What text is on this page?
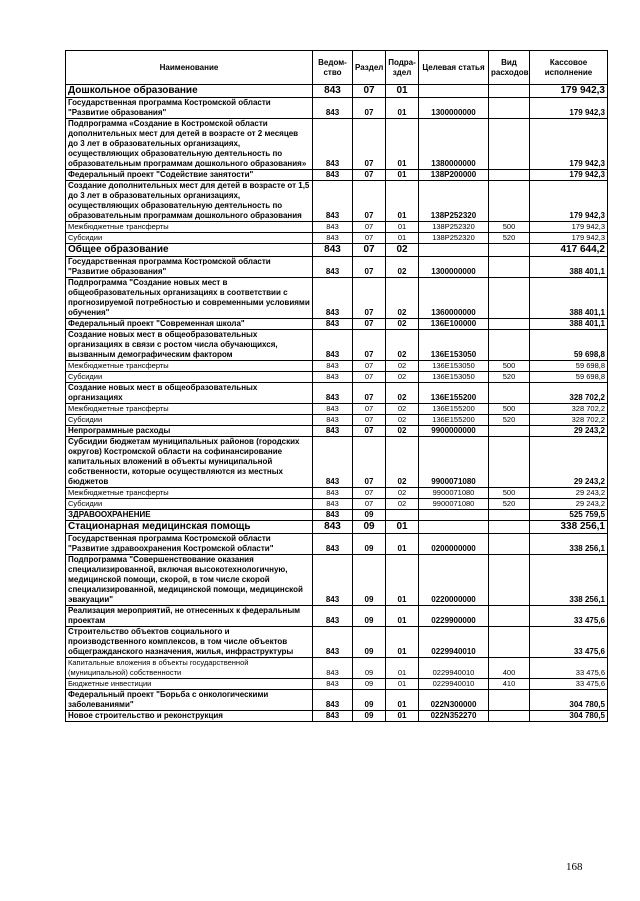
Наименование	Ведом-ство	Раздел	Подра-здел	Целевая статья	Вид расходов	Кассовое исполнение
Дошкольное образование	843	07	01			179 942,3
Государственная программа Костромской области "Развитие образования"	843	07	01	1300000000		179 942,3
Подпрограмма «Создание в Костромской области дополнительных мест для детей в возрасте от 2 месяцев до 3 лет в образовательных организациях, осуществляющих образовательную деятельность по образовательным программам дошкольного образования»	843	07	01	1380000000		179 942,3
Федеральный проект "Содействие занятости"	843	07	01	138P200000		179 942,3
Создание дополнительных мест для детей в возрасте от 1,5 до 3 лет в образовательных организациях, осуществляющих образовательную деятельность по образовательным программам дошкольного образования	843	07	01	138P252320		179 942,3
Межбюджетные трансферты	843	07	01	138P252320	500	179 942,3
Субсидии	843	07	01	138P252320	520	179 942,3
Общее образование	843	07	02			417 644,2
Государственная программа Костромской области "Развитие образования"	843	07	02	1300000000		388 401,1
Подпрограмма "Создание новых мест в общеобразовательных организациях в соответствии с прогнозируемой потребностью и современными условиями обучения"	843	07	02	1360000000		388 401,1
Федеральный проект "Современная школа"	843	07	02	136E100000		388 401,1
Создание новых мест в общеобразовательных организациях в связи с ростом числа обучающихся, вызванным демографическим фактором	843	07	02	136E153050		59 698,8
Межбюджетные трансферты	843	07	02	136E153050	500	59 698,8
Субсидии	843	07	02	136E153050	520	59 698,8
Создание новых мест в общеобразовательных организациях	843	07	02	136E155200		328 702,2
Межбюджетные трансферты	843	07	02	136E155200	500	328 702,2
Субсидии	843	07	02	136E155200	520	328 702,2
Непрограммные расходы	843	07	02	9900000000		29 243,2
Субсидии бюджетам муниципальных районов (городских округов) Костромской области на софинансирование капитальных вложений в объекты муниципальной собственности, которые осуществляются из местных бюджетов	843	07	02	9900071080		29 243,2
Межбюджетные трансферты	843	07	02	9900071080	500	29 243,2
Субсидии	843	07	02	9900071080	520	29 243,2
ЗДРАВООХРАНЕНИЕ	843	09				525 759,5
Стационарная медицинская помощь	843	09	01			338 256,1
Государственная программа Костромской области "Развитие здравоохранения Костромской области"	843	09	01	0200000000		338 256,1
Подпрограмма "Совершенствование оказания специализированной, включая высокотехнологичную, медицинской помощи, скорой, в том числе скорой специализированной, медицинской помощи, медицинской эвакуации"	843	09	01	0220000000		338 256,1
Реализация мероприятий, не отнесенных к федеральным проектам	843	09	01	0229900000		33 475,6
Строительство объектов социального и производственного комплексов, в том числе объектов общегражданского назначения, жилья, инфраструктуры	843	09	01	0229940010		33 475,6
Капитальные вложения в объекты государственной (муниципальной) собственности	843	09	01	0229940010	400	33 475,6
Бюджетные инвестиции	843	09	01	0229940010	410	33 475,6
Федеральный проект "Борьба с онкологическими заболеваниями"	843	09	01	022N300000		304 780,5
Новое строительство и реконструкция	843	09	01	022N352270		304 780,5
168
